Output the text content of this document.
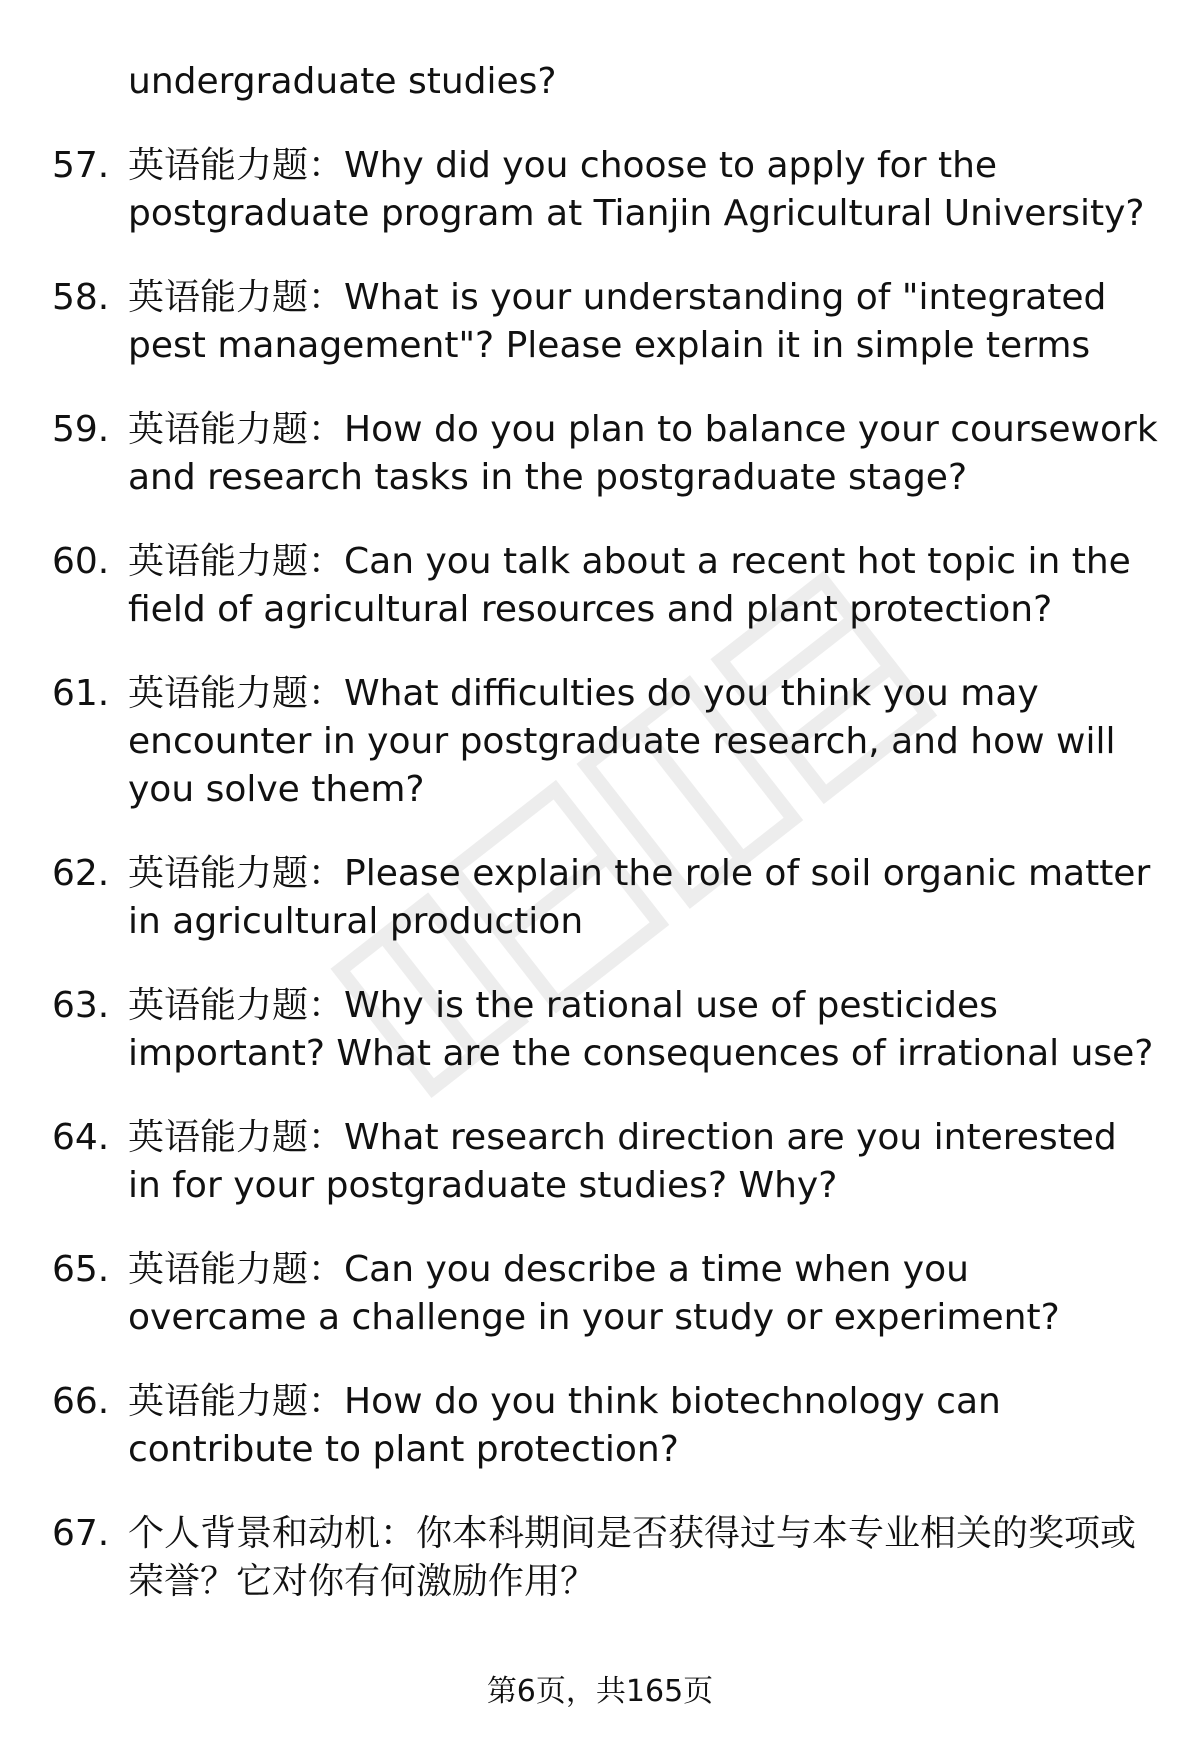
undergraduate studies?
57. 英语能力题：Why did you choose to apply for the postgraduate program at Tianjin Agricultural University?
58. 英语能力题：What is your understanding of "integrated pest management"? Please explain it in simple terms
59. 英语能力题：How do you plan to balance your coursework and research tasks in the postgraduate stage?
60. 英语能力题：Can you talk about a recent hot topic in the field of agricultural resources and plant protection?
61. 英语能力题：What difficulties do you think you may encounter in your postgraduate research, and how will you solve them?
62. 英语能力题：Please explain the role of soil organic matter in agricultural production
63. 英语能力题：Why is the rational use of pesticides important? What are the consequences of irrational use?
64. 英语能力题：What research direction are you interested in for your postgraduate studies? Why?
65. 英语能力题：Can you describe a time when you overcame a challenge in your study or experiment?
66. 英语能力题：How do you think biotechnology can contribute to plant protection?
67. 个人背景和动机：你本科期间是否获得过与本专业相关的奖项或荣誉？它对你有何激励作用？
第6页，共165页
